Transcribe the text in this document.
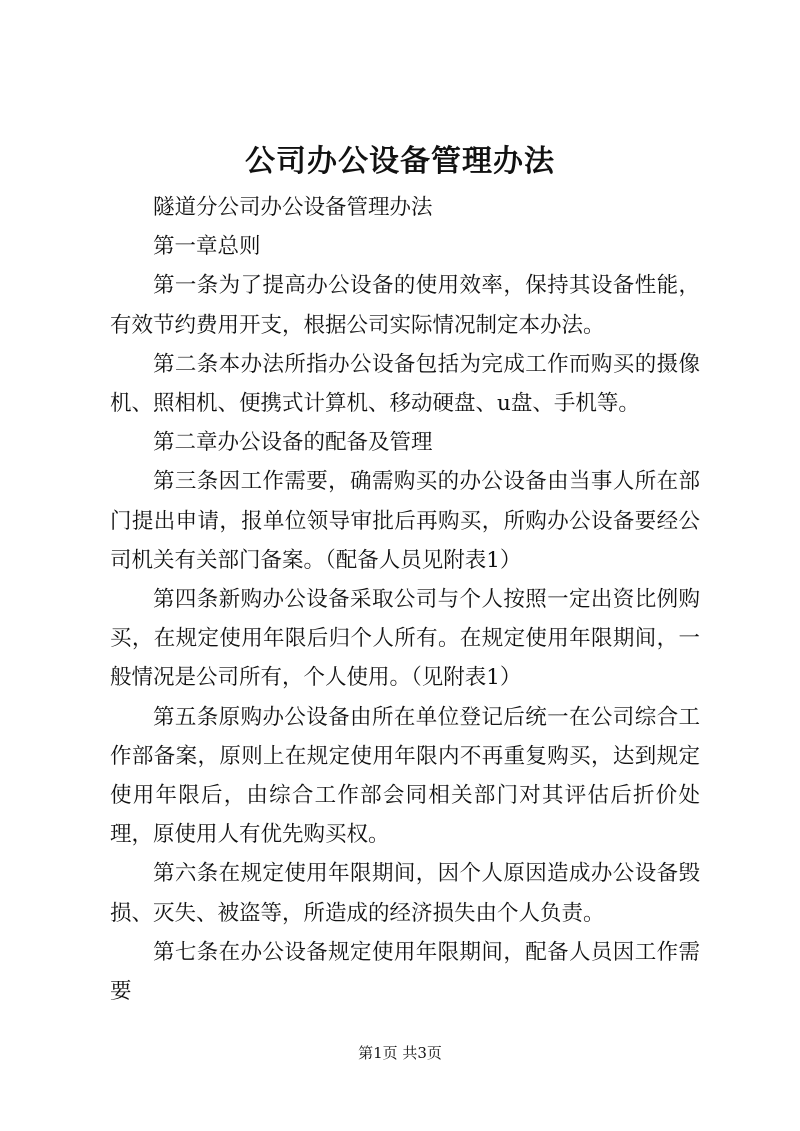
公司办公设备管理办法

隧道分公司办公设备管理办法

第一章总则

第一条为了提高办公设备的使用效率，保持其设备性能，有效节约费用开支，根据公司实际情况制定本办法。

第二条本办法所指办公设备包括为完成工作而购买的摄像机、照相机、便携式计算机、移动硬盘、u盘、手机等。

第二章办公设备的配备及管理

第三条因工作需要，确需购买的办公设备由当事人所在部门提出申请，报单位领导审批后再购买，所购办公设备要经公司机关有关部门备案。（配备人员见附表1）

第四条新购办公设备采取公司与个人按照一定出资比例购买，在规定使用年限后归个人所有。在规定使用年限期间，一般情况是公司所有，个人使用。（见附表1）

第五条原购办公设备由所在单位登记后统一在公司综合工作部备案，原则上在规定使用年限内不再重复购买，达到规定使用年限后，由综合工作部会同相关部门对其评估后折价处理，原使用人有优先购买权。

第六条在规定使用年限期间，因个人原因造成办公设备毁损、灭失、被盗等，所造成的经济损失由个人负责。

第七条在办公设备规定使用年限期间，配备人员因工作需要

第1页 共3页
